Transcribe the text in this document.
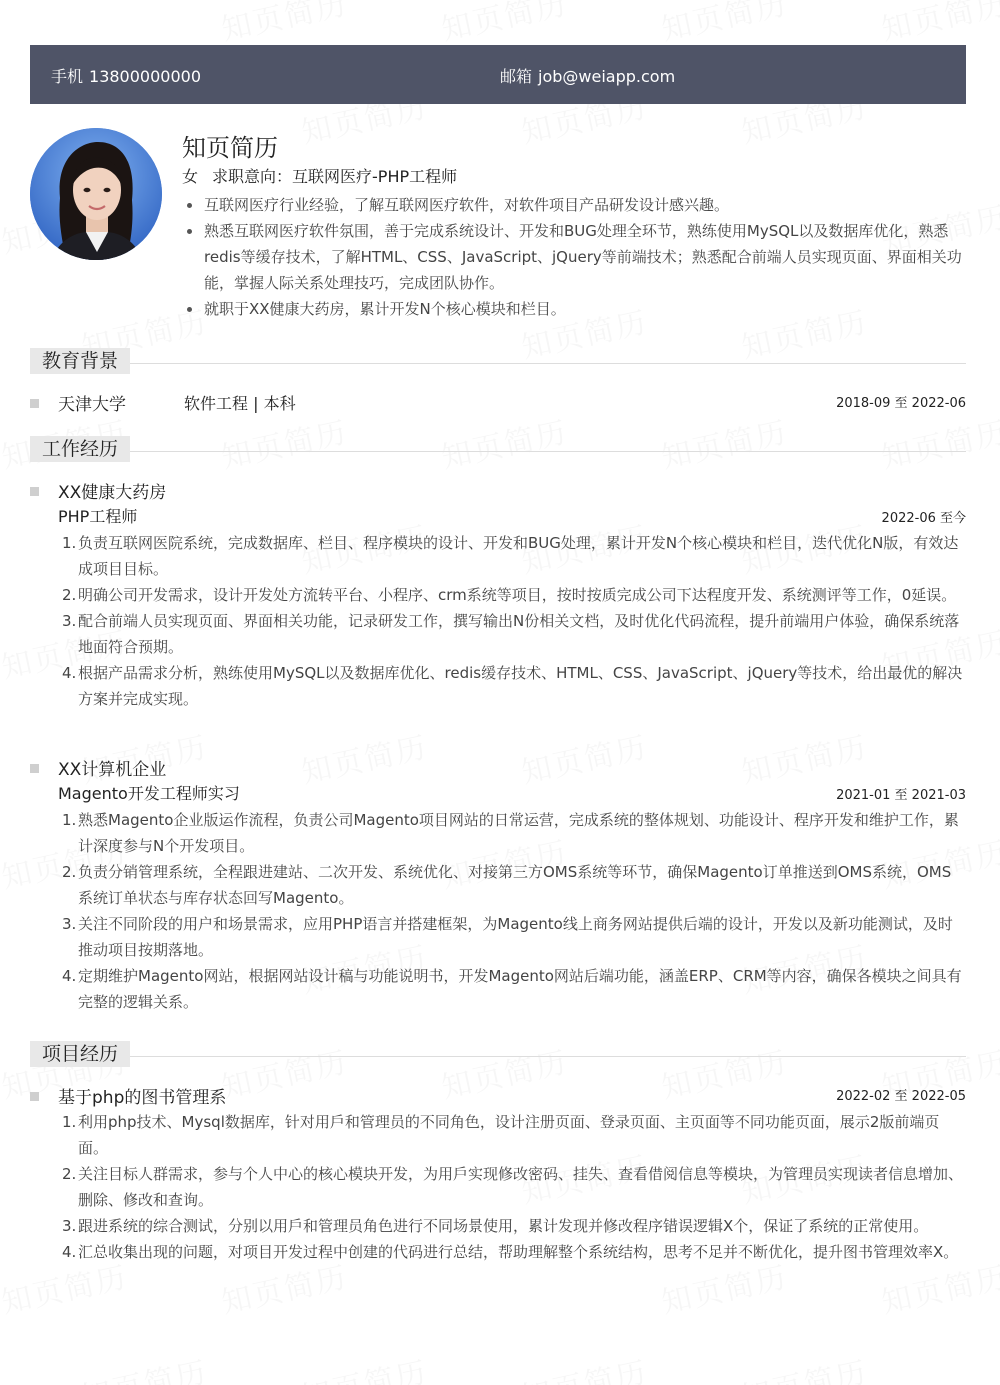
手机 13800000000	邮箱 job@weiapp.com
知页简历
女 求职意向：互联网医疗-PHP工程师
互联网医疗行业经验，了解互联网医疗软件，对软件项目产品研发设计感兴趣。
熟悉互联网医疗软件氛围，善于完成系统设计、开发和BUG处理全环节，熟练使用MySQL以及数据库优化，熟悉redis等缓存技术，了解HTML、CSS、JavaScript、jQuery等前端技术；熟悉配合前端人员实现页面、界面相关功能，掌握人际关系处理技巧，完成团队协作。
就职于XX健康大药房，累计开发N个核心模块和栏目。
教育背景
天津大学	软件工程 | 本科	2018-09 至 2022-06
工作经历
XX健康大药房
PHP工程师	2022-06 至今
1. 负责互联网医院系统，完成数据库、栏目、程序模块的设计、开发和BUG处理，累计开发N个核心模块和栏目，迭代优化N版，有效达成项目目标。
2. 明确公司开发需求，设计开发处方流转平台、小程序、crm系统等项目，按时按质完成公司下达程度开发、系统测评等工作，0延误。
3. 配合前端人员实现页面、界面相关功能，记录研发工作，撰写输出N份相关文档，及时优化代码流程，提升前端用户体验，确保系统落地面符合预期。
4. 根据产品需求分析，熟练使用MySQL以及数据库优化、redis缓存技术、HTML、CSS、JavaScript、jQuery等技术，给出最优的解决方案并完成实现。
XX计算机企业
Magento开发工程师实习	2021-01 至 2021-03
1. 熟悉Magento企业版运作流程，负责公司Magento项目网站的日常运营，完成系统的整体规划、功能设计、程序开发和维护工作，累计深度参与N个开发项目。
2. 负责分销管理系统，全程跟进建站、二次开发、系统优化、对接第三方OMS系统等环节，确保Magento订单推送到OMS系统，OMS系统订单状态与库存状态回写Magento。
3. 关注不同阶段的用户和场景需求，应用PHP语言并搭建框架，为Magento线上商务网站提供后端的设计，开发以及新功能测试，及时推动项目按期落地。
4. 定期维护Magento网站，根据网站设计稿与功能说明书，开发Magento网站后端功能，涵盖ERP、CRM等内容，确保各模块之间具有完整的逻辑关系。
项目经历
基于php的图书管理系	2022-02 至 2022-05
1. 利用php技术、Mysql数据库，针对用戶和管理员的不同角色，设计注册页面、登录页面、主页面等不同功能页面，展示2版前端页面。
2. 关注目标人群需求，参与个人中心的核心模块开发，为用戶实现修改密码、挂失、查看借阅信息等模块，为管理员实现读者信息增加、删除、修改和查询。
3. 跟进系统的综合测试，分别以用戶和管理员角色进行不同场景使用，累计发现并修改程序错误逻辑X个，保证了系统的正常使用。
4. 汇总收集出现的问题，对项目开发过程中创建的代码进行总结，帮助理解整个系统结构，思考不足并不断优化，提升图书管理效率X。
